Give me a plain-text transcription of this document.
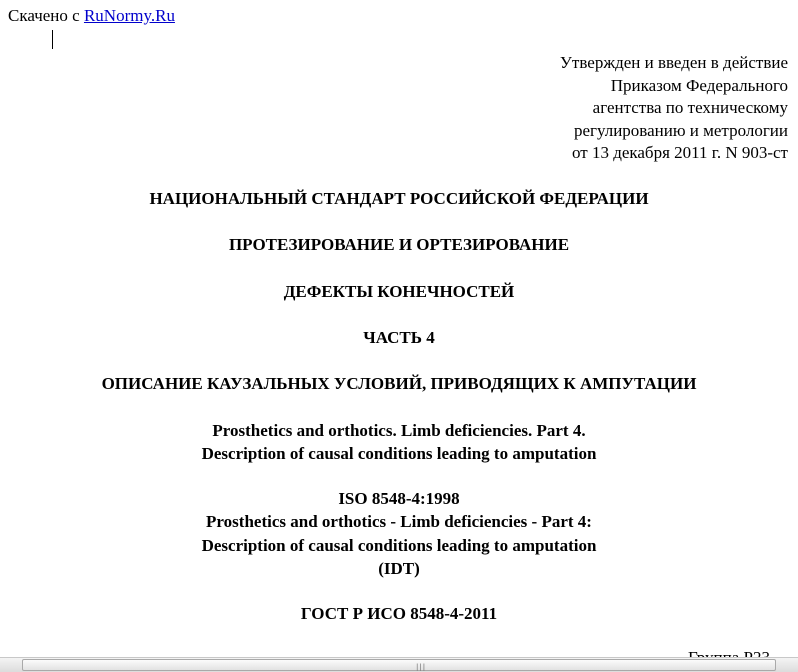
Скачено с RuNormy.Ru
Утвержден и введен в действие
Приказом Федерального
агентства по техническому
регулированию и метрологии
от 13 декабря 2011 г. N 903-ст
НАЦИОНАЛЬНЫЙ СТАНДАРТ РОССИЙСКОЙ ФЕДЕРАЦИИ
ПРОТЕЗИРОВАНИЕ И ОРТЕЗИРОВАНИЕ
ДЕФЕКТЫ КОНЕЧНОСТЕЙ
ЧАСТЬ 4
ОПИСАНИЕ КАУЗАЛЬНЫХ УСЛОВИЙ, ПРИВОДЯЩИХ К АМПУТАЦИИ
Prosthetics and orthotics. Limb deficiencies. Part 4.
Description of causal conditions leading to amputation
ISO 8548-4:1998
Prosthetics and orthotics - Limb deficiencies - Part 4:
Description of causal conditions leading to amputation
(IDT)
ГОСТ Р ИСО 8548-4-2011
|||
